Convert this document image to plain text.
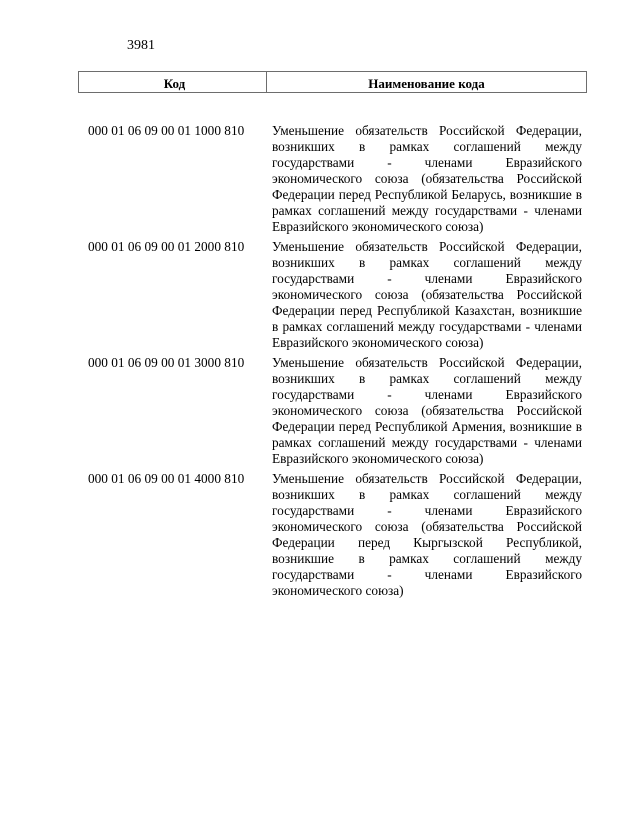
3981
Код	Наименование кода
000 01 06 09 00 01 1000 810	Уменьшение обязательств Российской Федерации, возникших в рамках соглашений между государствами - членами Евразийского экономического союза (обязательства Российской Федерации перед Республикой Беларусь, возникшие в рамках соглашений между государствами - членами Евразийского экономического союза)
000 01 06 09 00 01 2000 810	Уменьшение обязательств Российской Федерации, возникших в рамках соглашений между государствами - членами Евразийского экономического союза (обязательства Российской Федерации перед Республикой Казахстан, возникшие в рамках соглашений между государствами - членами Евразийского экономического союза)
000 01 06 09 00 01 3000 810	Уменьшение обязательств Российской Федерации, возникших в рамках соглашений между государствами - членами Евразийского экономического союза (обязательства Российской Федерации перед Республикой Армения, возникшие в рамках соглашений между государствами - членами Евразийского экономического союза)
000 01 06 09 00 01 4000 810	Уменьшение обязательств Российской Федерации, возникших в рамках соглашений между государствами - членами Евразийского экономического союза (обязательства Российской Федерации перед Кыргызской Республикой, возникшие в рамках соглашений между государствами - членами Евразийского экономического союза)
